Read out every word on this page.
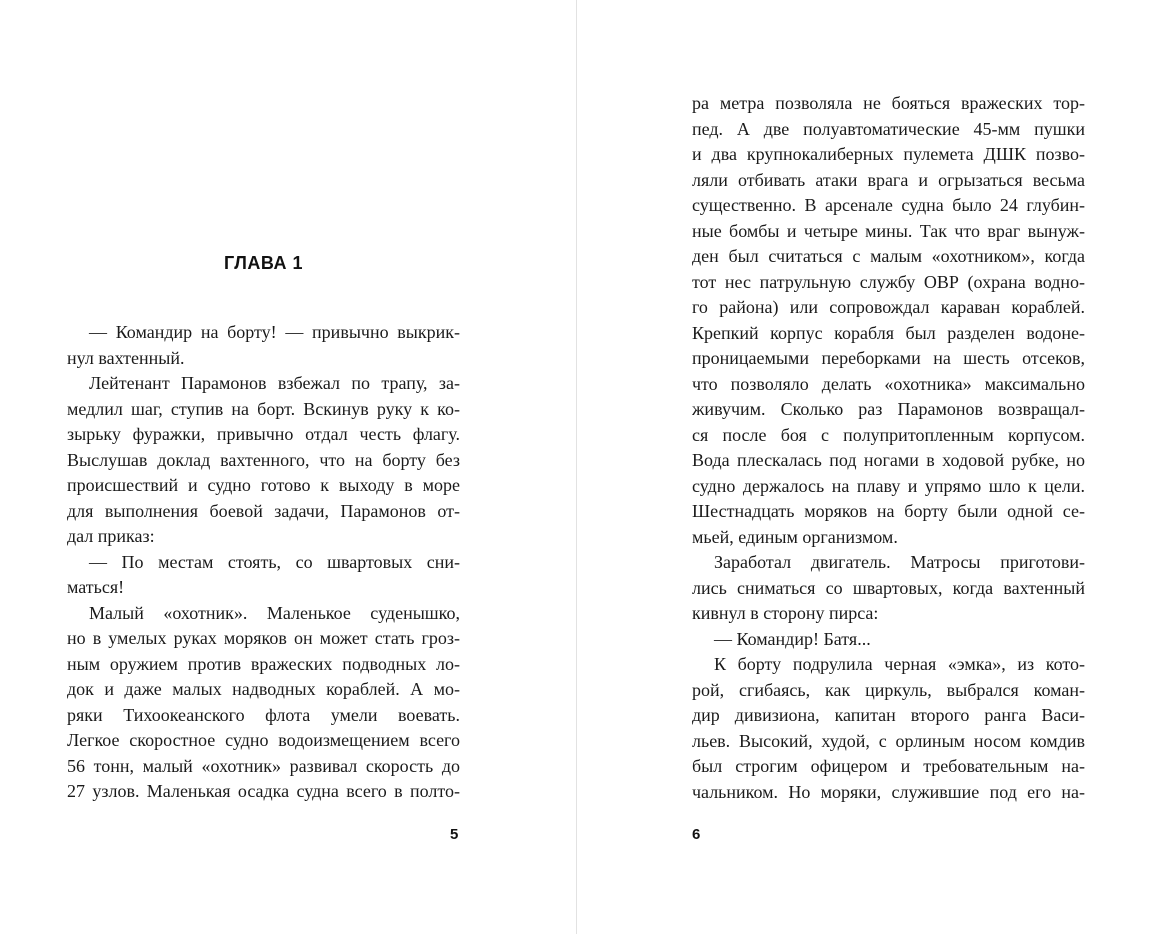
ГЛАВА 1
— Командир на борту! — привычно выкрик-
нул вахтенный.
Лейтенант Парамонов взбежал по трапу, за-
медлил шаг, ступив на борт. Вскинув руку к ко-
зырьку фуражки, привычно отдал честь флагу.
Выслушав доклад вахтенного, что на борту без
происшествий и судно готово к выходу в море
для выполнения боевой задачи, Парамонов от-
дал приказ:
— По местам стоять, со швартовых сни-
маться!
Малый «охотник». Маленькое суденышко,
но в умелых руках моряков он может стать гроз-
ным оружием против вражеских подводных ло-
док и даже малых надводных кораблей. А мо-
ряки Тихоокеанского флота умели воевать.
Легкое скоростное судно водоизмещением всего
56 тонн, малый «охотник» развивал скорость до
27 узлов. Маленькая осадка судна всего в полто-
5
ра метра позволяла не бояться вражеских тор-
пед. А две полуавтоматические 45-мм пушки
и два крупнокалиберных пулемета ДШК позво-
ляли отбивать атаки врага и огрызаться весьма
существенно. В арсенале судна было 24 глубин-
ные бомбы и четыре мины. Так что враг вынуж-
ден был считаться с малым «охотником», когда
тот нес патрульную службу ОВР (охрана водно-
го района) или сопровождал караван кораблей.
Крепкий корпус корабля был разделен водоне-
проницаемыми переборками на шесть отсеков,
что позволяло делать «охотника» максимально
живучим. Сколько раз Парамонов возвращал-
ся после боя с полупритопленным корпусом.
Вода плескалась под ногами в ходовой рубке, но
судно держалось на плаву и упрямо шло к цели.
Шестнадцать моряков на борту были одной се-
мьей, единым организмом.
Заработал двигатель. Матросы приготови-
лись сниматься со швартовых, когда вахтенный
кивнул в сторону пирса:
— Командир! Батя...
К борту подрулила черная «эмка», из кото-
рой, сгибаясь, как циркуль, выбрался коман-
дир дивизиона, капитан второго ранга Васи-
льев. Высокий, худой, с орлиным носом комдив
был строгим офицером и требовательным на-
чальником. Но моряки, служившие под его на-
6
